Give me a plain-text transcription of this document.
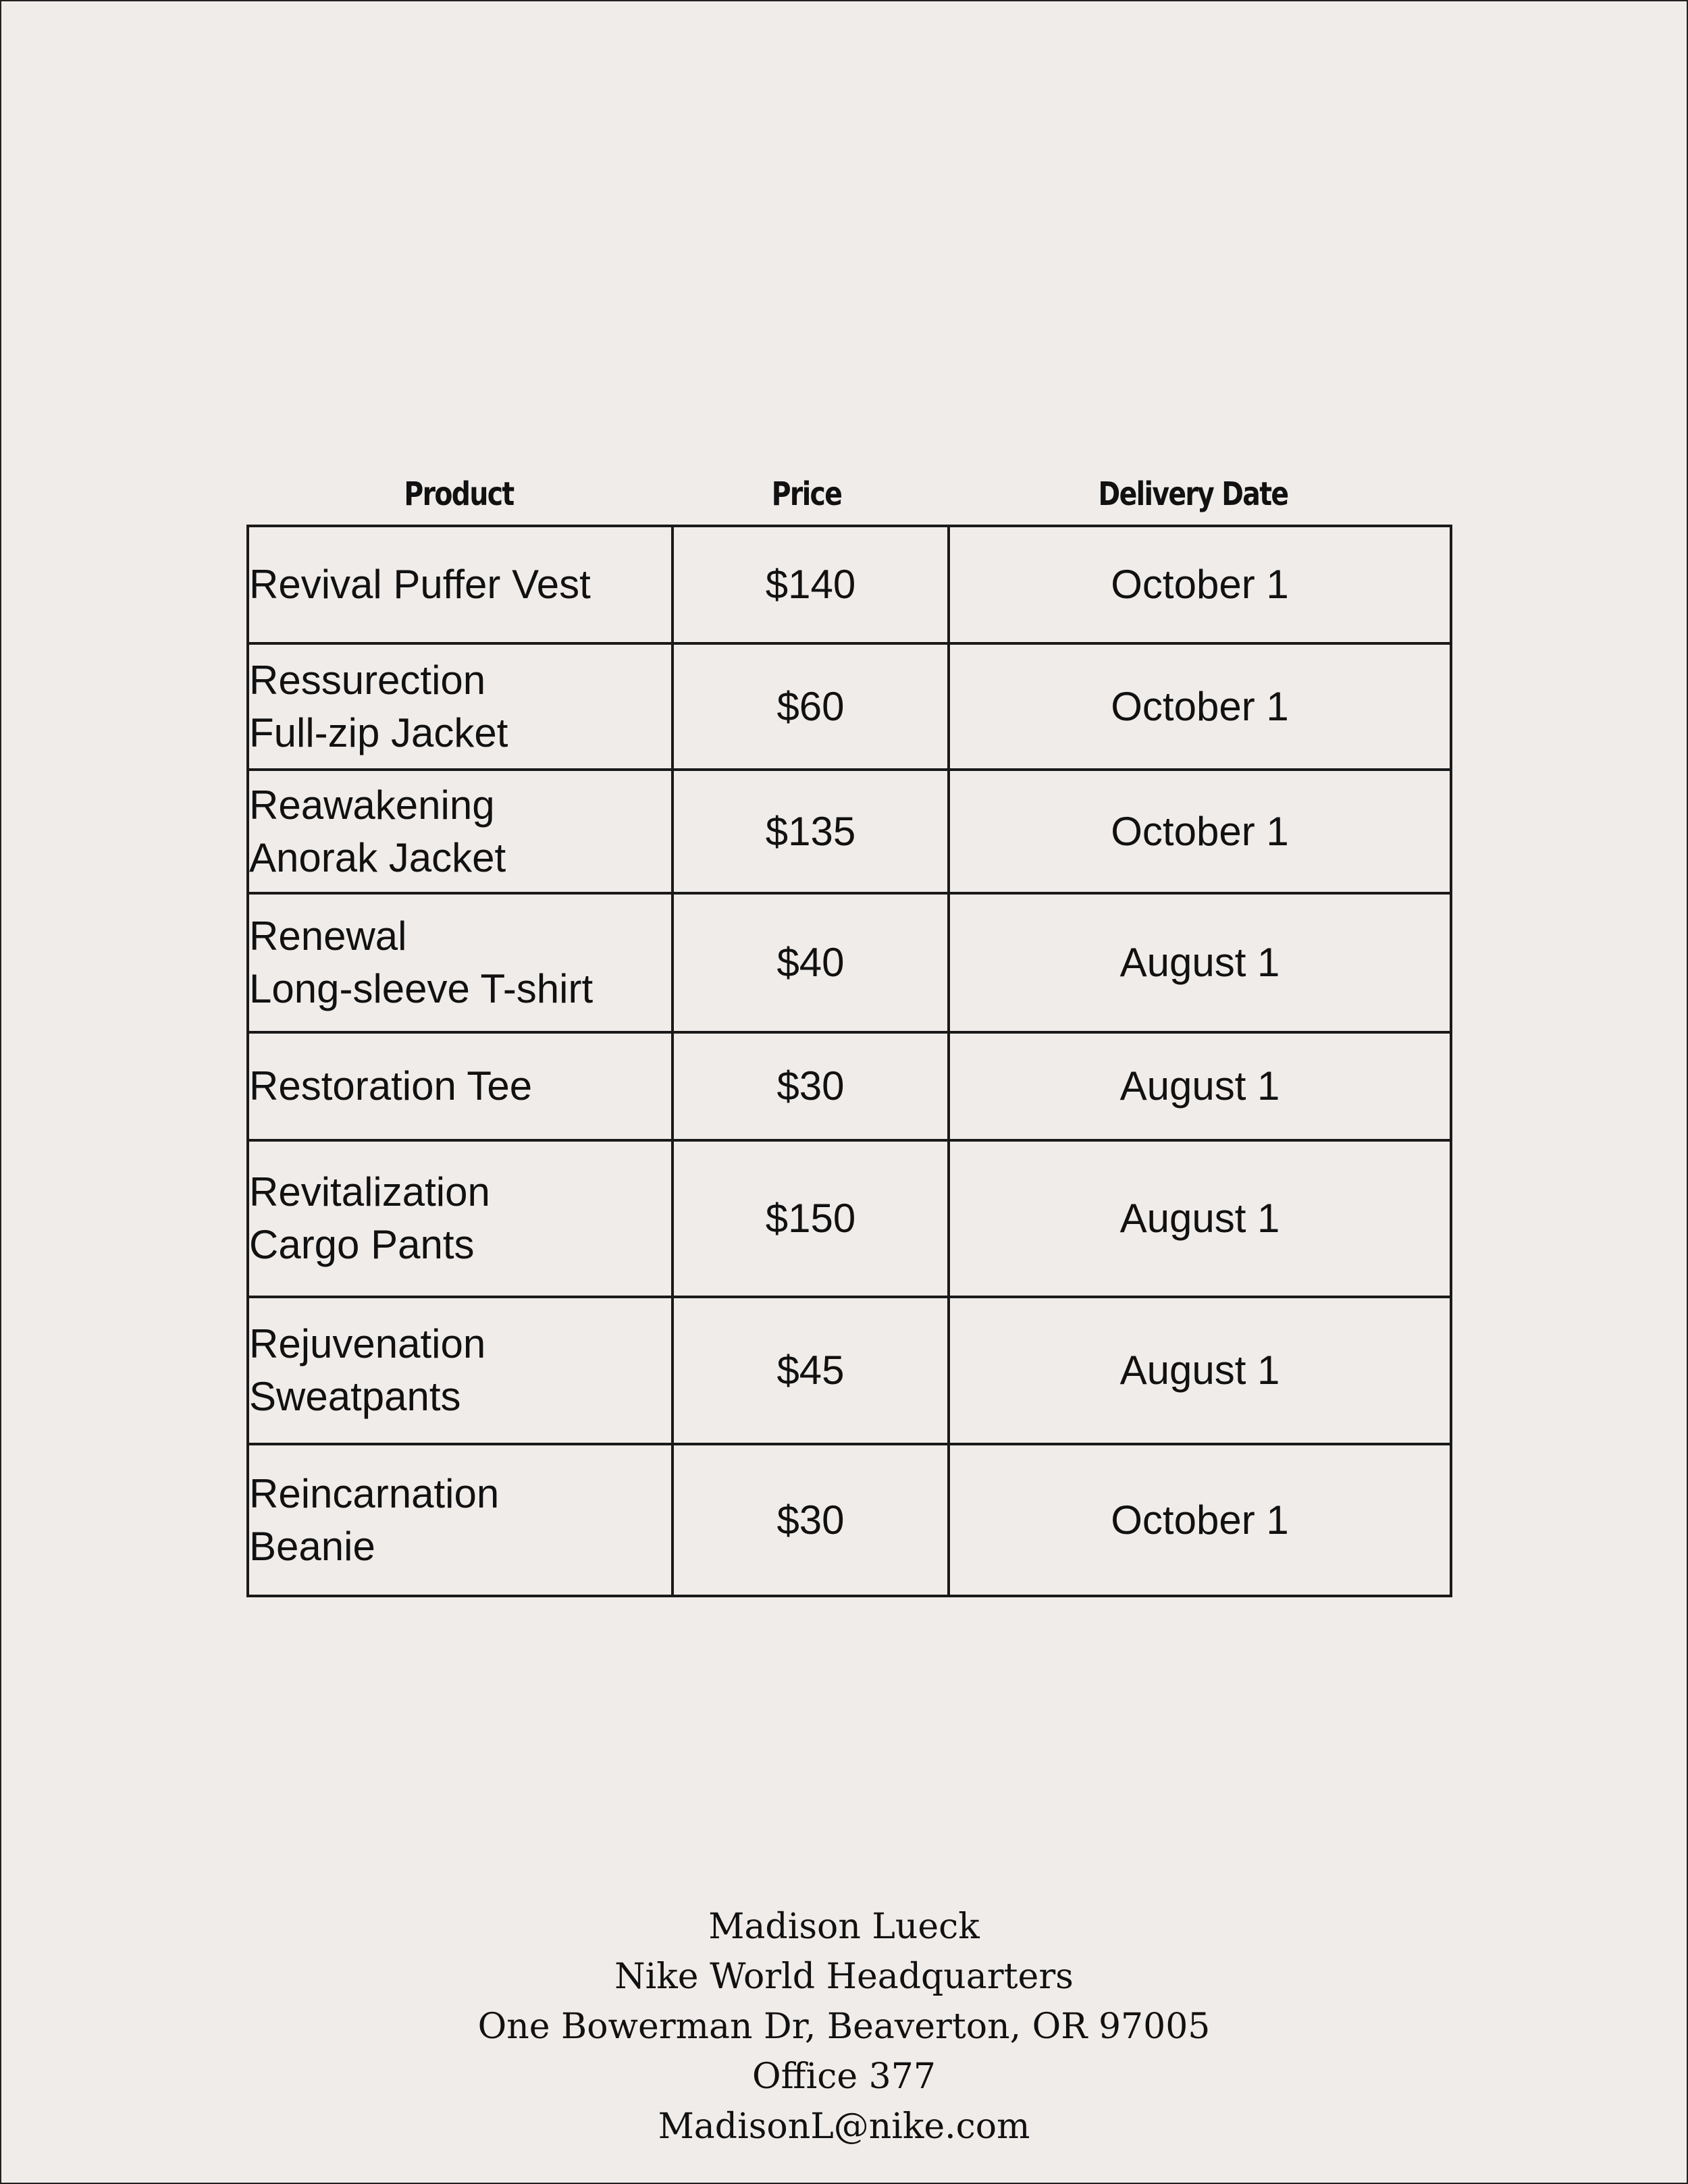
Product	Price	Delivery Date
Revival Puffer Vest	$140	October 1

Ressurection
Full-zip Jacket	$60	October 1

Reawakening
Anorak Jacket	$135	October 1

Renewal
Long-sleeve T-shirt	$40	August 1

Restoration Tee	$30	August 1

Revitalization
Cargo Pants	$150	August 1

Rejuvenation
Sweatpants	$45	August 1

Reincarnation
Beanie	$30	October 1
Madison Lueck
Nike World Headquarters
One Bowerman Dr, Beaverton, OR 97005
Office 377
MadisonL@nike.com
